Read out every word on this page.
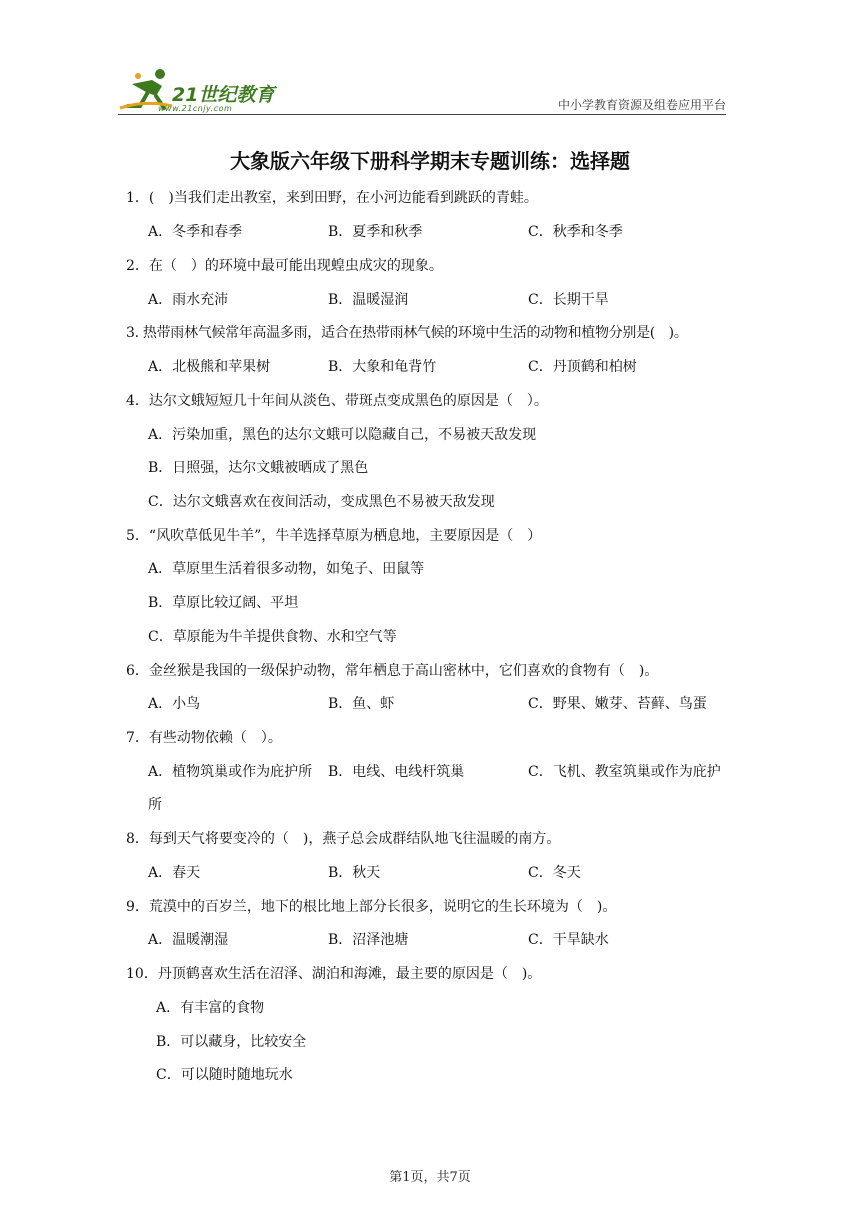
21世纪教育
www.21cnjy.com	中小学教育资源及组卷应用平台
大象版六年级下册科学期末专题训练：选择题
1．(　)当我们走出教室，来到田野，在小河边能看到跳跃的青蛙。
A．冬季和春季	B．夏季和秋季	C．秋季和冬季
2．在（　）的环境中最可能出现蝗虫成灾的现象。
A．雨水充沛	B．温暖湿润	C．长期干旱
3. 热带雨林气候常年高温多雨，适合在热带雨林气候的环境中生活的动物和植物分别是(　)。
A．北极熊和苹果树	B．大象和龟背竹	C．丹顶鹤和柏树
4．达尔文蛾短短几十年间从淡色、带斑点变成黑色的原因是（　）。
A．污染加重，黑色的达尔文蛾可以隐藏自己，不易被天敌发现
B．日照强，达尔文蛾被晒成了黑色
C．达尔文蛾喜欢在夜间活动，变成黑色不易被天敌发现
5．“风吹草低见牛羊”，牛羊选择草原为栖息地，主要原因是（　）
A．草原里生活着很多动物，如兔子、田鼠等
B．草原比较辽阔、平坦
C．草原能为牛羊提供食物、水和空气等
6．金丝猴是我国的一级保护动物，常年栖息于高山密林中，它们喜欢的食物有（　)。
A．小鸟	B．鱼、虾	C．野果、嫩芽、苔藓、鸟蛋
7．有些动物依赖（　）。
A．植物筑巢或作为庇护所 B．电线、电线杆筑巢	C．飞机、教室筑巢或作为庇护
所
8．每到天气将要变冷的（　)，燕子总会成群结队地飞往温暖的南方。
A．春天	B．秋天	C．冬天
9．荒漠中的百岁兰，地下的根比地上部分长很多，说明它的生长环境为（　)。
A．温暖潮湿	B．沼泽池塘	C．干旱缺水
10．丹顶鹤喜欢生活在沼泽、湖泊和海滩，最主要的原因是（　)。
A．有丰富的食物
B．可以藏身，比较安全
C．可以随时随地玩水
第1页，共7页
